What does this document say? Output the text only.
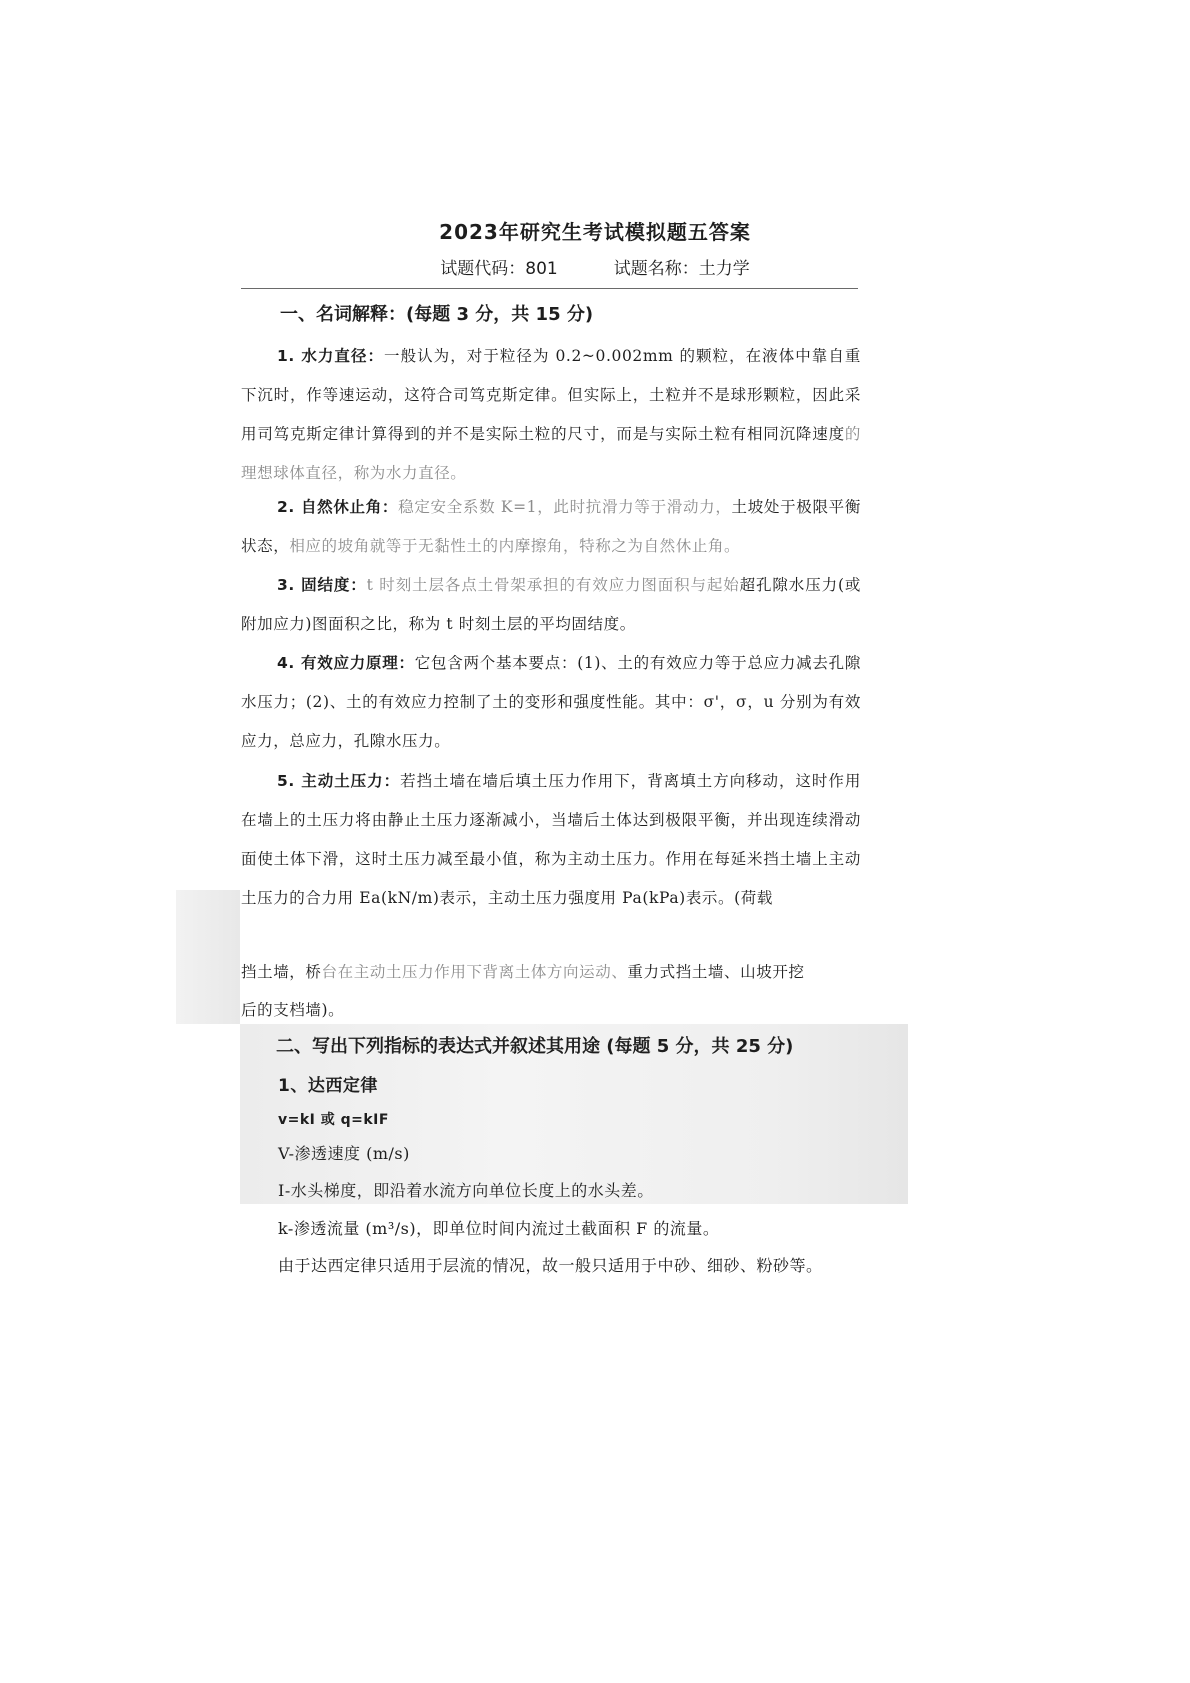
2023年研究生考试模拟题五答案
试题代码：801	试题名称：土力学
一、名词解释：(每题 3 分，共 15 分)
1. 水力直径：一般认为，对于粒径为 0.2~0.002mm 的颗粒，在液体中靠自重下沉时，作等速运动，这符合司笃克斯定律。但实际上，土粒并不是球形颗粒，因此采用司笃克斯定律计算得到的并不是实际土粒的尺寸，而是与实际土粒有相同沉降速度的理想球体直径，称为水力直径。
2. 自然休止角：稳定安全系数 K=1，此时抗滑力等于滑动力，土坡处于极限平衡状态，相应的坡角就等于无黏性土的内摩擦角，特称之为自然休止角。
3. 固结度：t 时刻土层各点土骨架承担的有效应力图面积与起始超孔隙水压力(或附加应力)图面积之比，称为 t 时刻土层的平均固结度。
4. 有效应力原理：它包含两个基本要点：(1)、土的有效应力等于总应力减去孔隙水压力；(2)、土的有效应力控制了土的变形和强度性能。其中：σ'，σ，u 分别为有效应力，总应力，孔隙水压力。
5. 主动土压力：若挡土墙在墙后填土压力作用下，背离填土方向移动，这时作用在墙上的土压力将由静止土压力逐渐减小，当墙后土体达到极限平衡，并出现连续滑动面使土体下滑，这时土压力减至最小值，称为主动土压力。作用在每延米挡土墙上主动土压力的合力用 Ea(kN/m)表示，主动土压力强度用 Pa(kPa)表示。(荷载
挡土墙，桥台在主动土压力作用下背离土体方向运动、重力式挡土墙、山坡开挖
后的支档墙)。
二、写出下列指标的表达式并叙述其用途 (每题 5 分，共 25 分)
1、达西定律
v=kI 或 q=kIF
V-渗透速度 (m/s)
I-水头梯度，即沿着水流方向单位长度上的水头差。
k-渗透流量 (m³/s)，即单位时间内流过土截面积 F 的流量。
由于达西定律只适用于层流的情况，故一般只适用于中砂、细砂、粉砂等。
